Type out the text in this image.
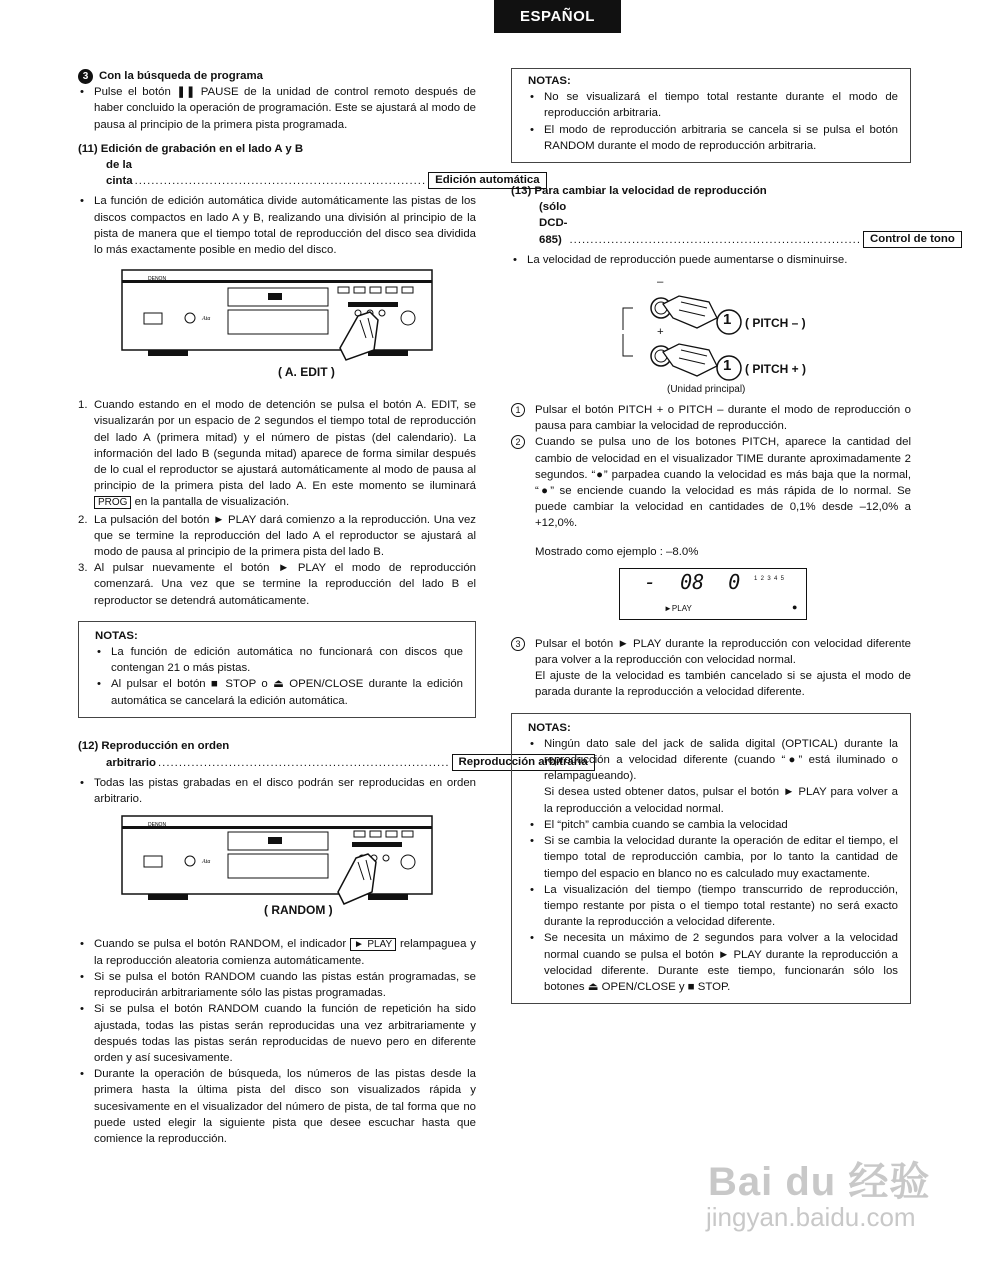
ESPAÑOL

3 Con la búsqueda de programa

• Pulse el botón ❚❚ PAUSE de la unidad de control remoto después de haber concluido la operación de programación. Este se ajustará al modo de pausa al principio de la primera pista programada.

(11) Edición de grabación en el lado A y B

de la cinta ...................................................................... Edición automática

• La función de edición automática divide automáticamente las pistas de los discos compactos en lado A y B, realizando una división al principio de la pista de manera que el tiempo total de reproducción del disco sea dividida lo más exactamente posible en medio del disco.

DENON
Ata
( A. EDIT )
1. Cuando estando en el modo de detención se pulsa el botón A. EDIT, se visualizarán por un espacio de 2 segundos el tiempo total de reproducción del lado A (primera mitad) y el número de pistas (del calendario). La información del lado B (segunda mitad) aparece de forma similar después de lo cual el reproductor se ajustará automáticamente al modo de pausa al principio de la primera pista del lado A. En este momento se iluminará PROG en la pantalla de visualización.
2. La pulsación del botón ► PLAY dará comienzo a la reproducción. Una vez que se termine la reproducción del lado A el reproductor se ajustará al modo de pausa al principio de la primera pista del lado B.
3. Al pulsar nuevamente el botón ► PLAY el modo de reproducción comenzará. Una vez que se termine la reproducción del lado B el reproductor se detendrá automáticamente.

NOTAS:

• La función de edición automática no funcionará con discos que contengan 21 o más pistas.

• Al pulsar el botón ■ STOP o ⏏ OPEN/CLOSE durante la edición automática se cancelará la edición automática.

(12) Reproducción en orden

arbitrario ...................................................................... Reproducción arbitraria

• Todas las pistas grabadas en el disco podrán ser reproducidas en orden arbitrario.

DENON
Ata
( RANDOM )
• Cuando se pulsa el botón RANDOM, el indicador ► PLAY relampaguea y la reproducción aleatoria comienza automáticamente.

• Si se pulsa el botón RANDOM cuando las pistas están programadas, se reproducirán arbitrariamente sólo las pistas programadas.

• Si se pulsa el botón RANDOM cuando la función de repetición ha sido ajustada, todas las pistas serán reproducidas una vez arbitrariamente y después todas las pistas serán reproducidas de nuevo pero en diferente orden y así sucesivamente.

• Durante la operación de búsqueda, los números de las pistas desde la primera hasta la última pista del disco son visualizados rápida y sucesivamente en el visualizador del número de pista, de tal forma que no puede usted elegir la siguiente pista que desee escuchar hasta que comience la reproducción.

NOTAS:

• No se visualizará el tiempo total restante durante el modo de reproducción arbitraria.

• El modo de reproducción arbitraria se cancela si se pulsa el botón RANDOM durante el modo de reproducción arbitraria.

(13) Para cambiar la velocidad de reproducción

(sólo DCD-685) ...................................................................... Control de tono

• La velocidad de reproducción puede aumentarse o disminuirse.

–
+
1
1
( PITCH – )
( PITCH + )
(Unidad principal)
1	Pulsar el botón PITCH + o PITCH – durante el modo de reproducción o pausa para cambiar la velocidad de reproducción.
2	Cuando se pulsa uno de los botones PITCH, aparece la cantidad del cambio de velocidad en el visualizador TIME durante aproximadamente 2 segundos. “●” parpadea cuando la velocidad es más baja que la normal, “●” se enciende cuando la velocidad es más rápida de lo normal. Se puede cambiar la velocidad en cantidades de 0,1% desde –12,0% a +12,0%.

Mostrado como ejemplo : –8.0%

-  08  0 1  2  3  4  5
►PLAY	●
3	Pulsar el botón ► PLAY durante la reproducción con velocidad diferente para volver a la reproducción con velocidad normal.

El ajuste de la velocidad es también cancelado si se ajusta el modo de parada durante la reproducción a velocidad diferente.

NOTAS:

• Ningún dato sale del jack de salida digital (OPTICAL) durante la reproducción a velocidad diferente (cuando “●” está iluminado o relampagueando).

Si desea usted obtener datos, pulsar el botón ► PLAY para volver a la reproducción a velocidad normal.

• El “pitch” cambia cuando se cambia la velocidad

• Si se cambia la velocidad durante la operación de editar el tiempo, el tiempo total de reproducción cambia, por lo tanto la cantidad de tiempo del espacio en blanco no es calculado muy exactamente.

• La visualización del tiempo (tiempo transcurrido de reproducción, tiempo restante por pista o el tiempo total restante) no será exacto durante la reproducción a velocidad diferente.

• Se necesita un máximo de 2 segundos para volver a la velocidad normal cuando se pulsa el botón ► PLAY durante la reproducción a velocidad diferente. Durante este tiempo, funcionarán sólo los botones ⏏ OPEN/CLOSE y ■ STOP.

Bai du 经验
jingyan.baidu.com
